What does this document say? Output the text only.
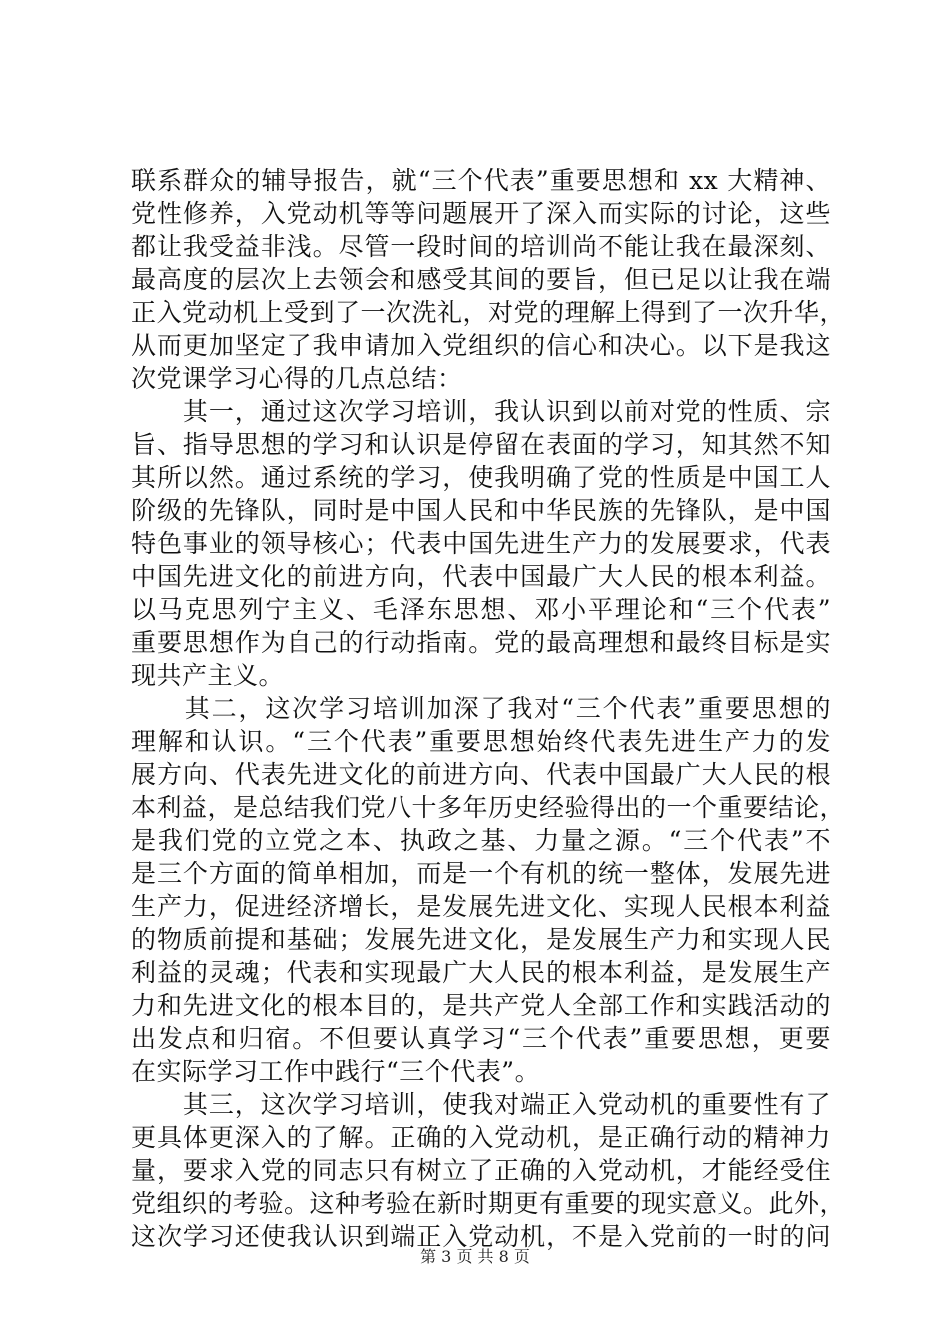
联系群众的辅导报告，就“三个代表”重要思想和 xx 大精神、
党性修养，入党动机等等问题展开了深入而实际的讨论，这些
都让我受益非浅。尽管一段时间的培训尚不能让我在最深刻、
最高度的层次上去领会和感受其间的要旨，但已足以让我在端
正入党动机上受到了一次洗礼，对党的理解上得到了一次升华，
从而更加坚定了我申请加入党组织的信心和决心。以下是我这
次党课学习心得的几点总结：
　　其一，通过这次学习培训，我认识到以前对党的性质、宗
旨、指导思想的学习和认识是停留在表面的学习，知其然不知
其所以然。通过系统的学习，使我明确了党的性质是中国工人
阶级的先锋队，同时是中国人民和中华民族的先锋队，是中国
特色事业的领导核心；代表中国先进生产力的发展要求，代表
中国先进文化的前进方向，代表中国最广大人民的根本利益。
以马克思列宁主义、毛泽东思想、邓小平理论和“三个代表”
重要思想作为自己的行动指南。党的最高理想和最终目标是实
现共产主义。
　　其二，这次学习培训加深了我对“三个代表”重要思想的
理解和认识。“三个代表”重要思想始终代表先进生产力的发
展方向、代表先进文化的前进方向、代表中国最广大人民的根
本利益，是总结我们党八十多年历史经验得出的一个重要结论，
是我们党的立党之本、执政之基、力量之源。“三个代表”不
是三个方面的简单相加，而是一个有机的统一整体，发展先进
生产力，促进经济增长，是发展先进文化、实现人民根本利益
的物质前提和基础；发展先进文化，是发展生产力和实现人民
利益的灵魂；代表和实现最广大人民的根本利益，是发展生产
力和先进文化的根本目的，是共产党人全部工作和实践活动的
出发点和归宿。不但要认真学习“三个代表”重要思想，更要
在实际学习工作中践行“三个代表”。
　　其三，这次学习培训，使我对端正入党动机的重要性有了
更具体更深入的了解。正确的入党动机，是正确行动的精神力
量，要求入党的同志只有树立了正确的入党动机，才能经受住
党组织的考验。这种考验在新时期更有重要的现实意义。此外，
这次学习还使我认识到端正入党动机，不是入党前的一时的问
第 3 页 共 8 页
